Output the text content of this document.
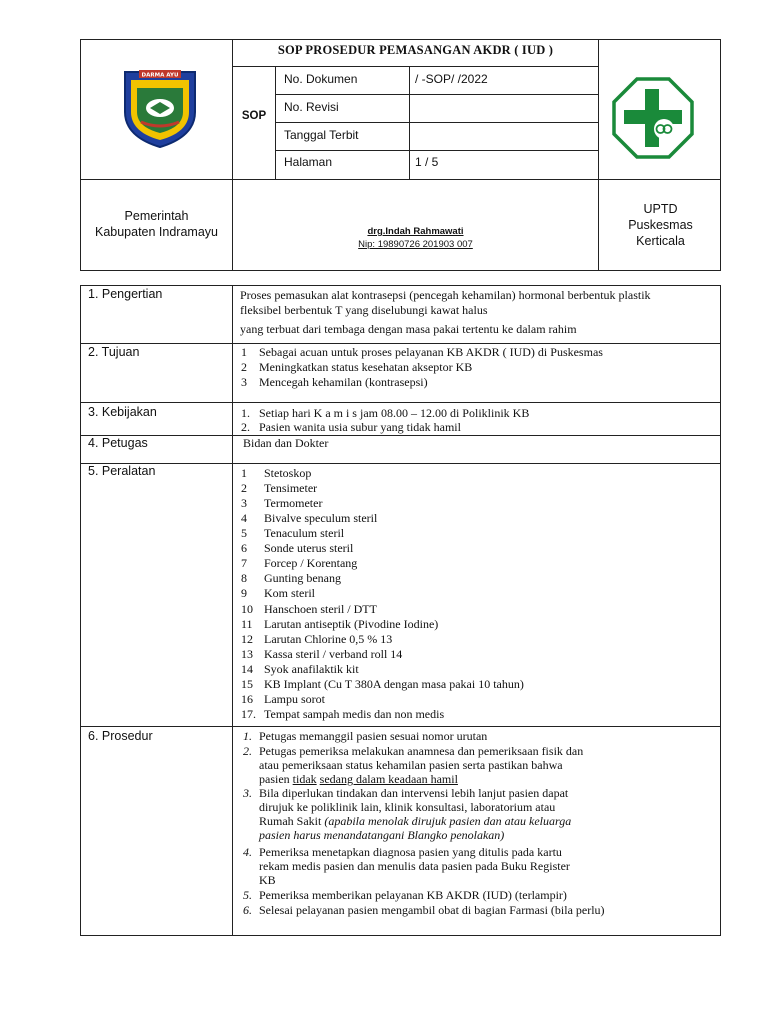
DARMA AYU
SOP PROSEDUR PEMASANGAN AKDR ( IUD )
SOP
No. Dokumen	/ -SOP/ /2022
No. Revisi
Tanggal Terbit
Halaman	1 / 5
Pemerintah
Kabupaten Indramayu	drg.Indah Rahmawati
Nip: 19890726 201903 007
UPTD
Puskesmas
Kerticala
1. Pengertian	Proses pemasukan alat kontrasepsi (pencegah kehamilan) hormonal berbentuk plastik
fleksibel berbentuk T yang diselubungi kawat halus
yang terbuat dari tembaga dengan masa pakai tertentu ke dalam rahim
2. Tujuan	1 Sebagai acuan untuk proses pelayanan KB AKDR ( IUD) di Puskesmas
2 Meningkatkan status kesehatan akseptor KB
3 Mencegah kehamilan (kontrasepsi)
3. Kebijakan	1. Setiap hari K a m i s jam 08.00 – 12.00 di Poliklinik KB
2. Pasien wanita usia subur yang tidak hamil
4. Petugas	Bidan dan Dokter
5. Peralatan	1 Stetoskop
2 Tensimeter
3 Termometer
4 Bivalve speculum steril
5 Tenaculum steril
6 Sonde uterus steril
7 Forcep / Korentang
8 Gunting benang
9 Kom steril
10 Hanschoen steril / DTT
11 Larutan antiseptik (Pivodine Iodine)
12 Larutan Chlorine 0,5 % 13
13 Kassa steril / verband roll 14
14 Syok anafilaktik kit
15 KB Implant (Cu T 380A dengan masa pakai 10 tahun)
16 Lampu sorot
17. Tempat sampah medis dan non medis
6. Prosedur	1. Petugas memanggil pasien sesuai nomor urutan
2. Petugas pemeriksa melakukan anamnesa dan pemeriksaan fisik dan
atau pemeriksaan status kehamilan pasien serta pastikan bahwa
pasien tidak sedang dalam keadaan hamil
3. Bila diperlukan tindakan dan intervensi lebih lanjut pasien dapat
dirujuk ke poliklinik lain, klinik konsultasi, laboratorium atau
Rumah Sakit (apabila menolak dirujuk pasien dan atau keluarga
pasien harus menandatangani Blangko penolakan)
4. Pemeriksa menetapkan diagnosa pasien yang ditulis pada kartu
rekam medis pasien dan menulis data pasien pada Buku Register
KB
5. Pemeriksa memberikan pelayanan KB AKDR (IUD) (terlampir)
6. Selesai pelayanan pasien mengambil obat di bagian Farmasi (bila perlu)
